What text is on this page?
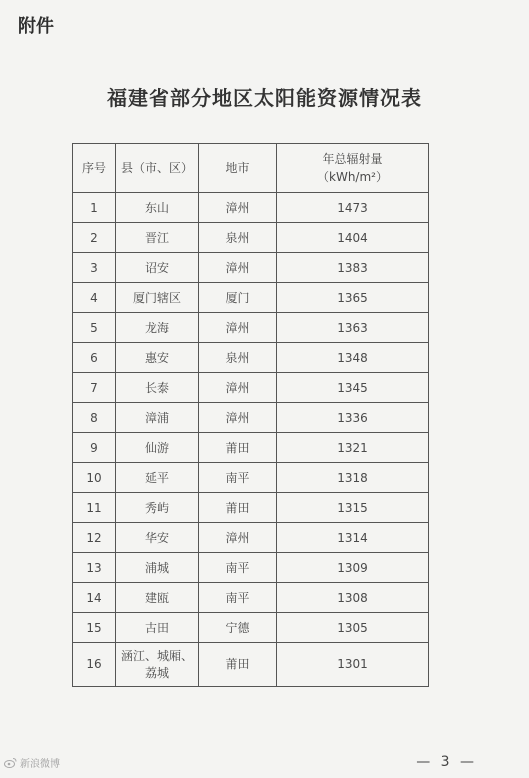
附件
福建省部分地区太阳能资源情况表
序号	县（市、区）	地市	年总辐射量
（kWh/m²）

1	东山	漳州	1473
2	晋江	泉州	1404
3	诏安	漳州	1383
4	厦门辖区	厦门	1365
5	龙海	漳州	1363
6	惠安	泉州	1348
7	长泰	漳州	1345
8	漳浦	漳州	1336
9	仙游	莆田	1321
10	延平	南平	1318
11	秀屿	莆田	1315
12	华安	漳州	1314
13	浦城	南平	1309
14	建瓯	南平	1308
15	古田	宁德	1305
16	涵江、城厢、
荔城	莆田	1301
新浪微博	— 3 —
